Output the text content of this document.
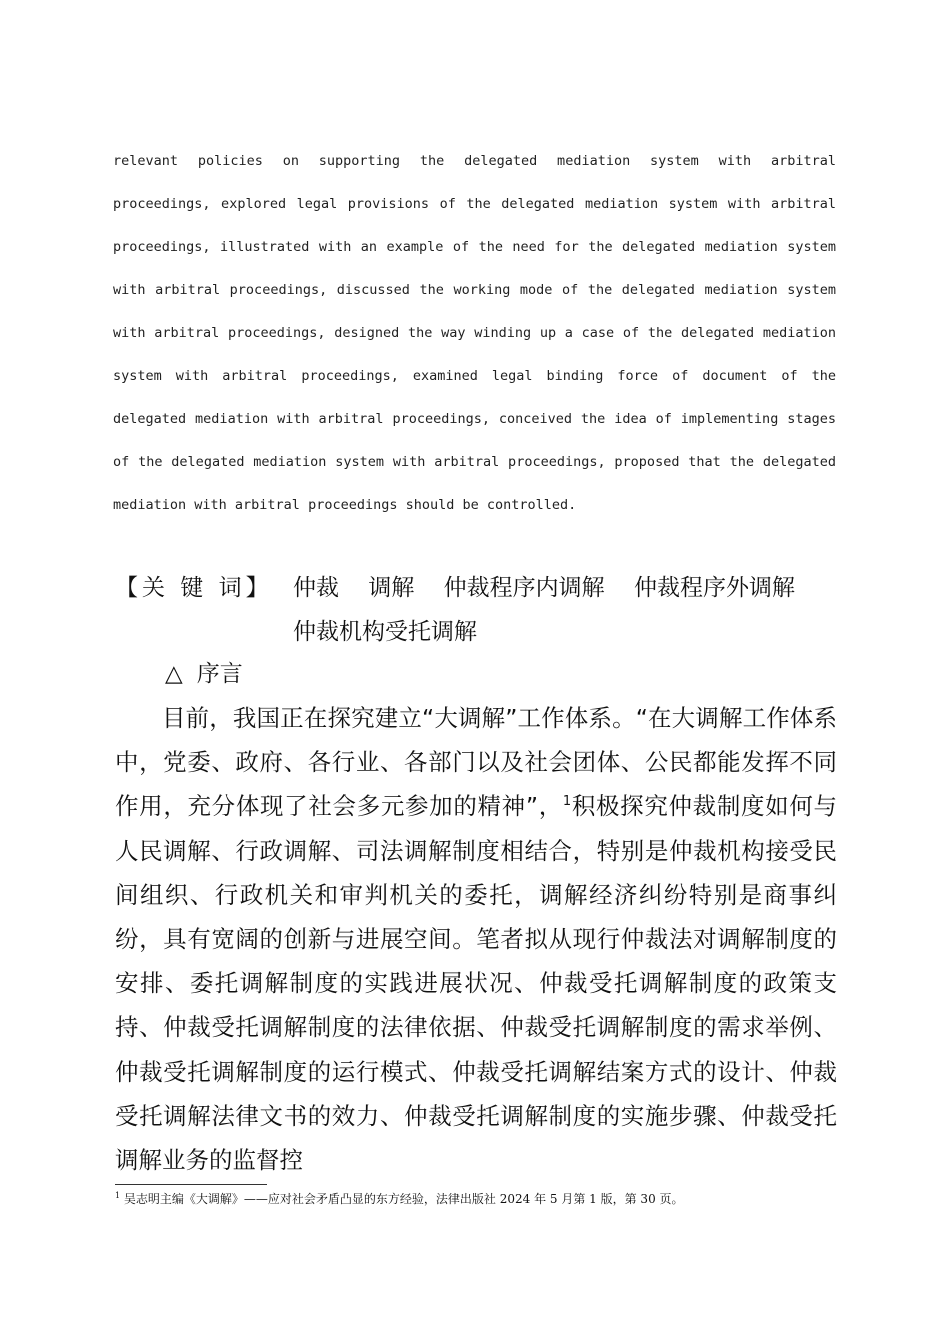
relevant policies on supporting the delegated mediation system with arbitral proceedings, explored legal provisions of the delegated mediation system with arbitral proceedings, illustrated with an example of the need for the delegated mediation system with arbitral proceedings, discussed the working mode of the delegated mediation system with arbitral proceedings, designed the way winding up a case of the delegated mediation system with arbitral proceedings, examined legal binding force of document of the delegated mediation with arbitral proceedings, conceived the idea of implementing stages of the delegated mediation system with arbitral proceedings, proposed that the delegated mediation with arbitral proceedings should be controlled.
【关 键 词】 仲裁 调解 仲裁程序内调解 仲裁程序外调解 仲裁机构受托调解
△ 序言

目前，我国正在探究建立“大调解”工作体系。“在大调解工作体系中，党委、政府、各行业、各部门以及社会团体、公民都能发挥不同作用，充分体现了社会多元参加的精神”，$^1$积极探究仲裁制度如何与人民调解、行政调解、司法调解制度相结合，特别是仲裁机构接受民间组织、行政机关和审判机关的委托，调解经济纠纷特别是商事纠纷，具有宽阔的创新与进展空间。笔者拟从现行仲裁法对调解制度的安排、委托调解制度的实践进展状况、仲裁受托调解制度的政策支持、仲裁受托调解制度的法律依据、仲裁受托调解制度的需求举例、仲裁受托调解制度的运行模式、仲裁受托调解结案方式的设计、仲裁受托调解法律文书的效力、仲裁受托调解制度的实施步骤、仲裁受托调解业务的监督控

$^1$ 吴志明主编《大调解》——应对社会矛盾凸显的东方经验，法律出版社 2024 年 5 月第 1 版，第 30 页。
